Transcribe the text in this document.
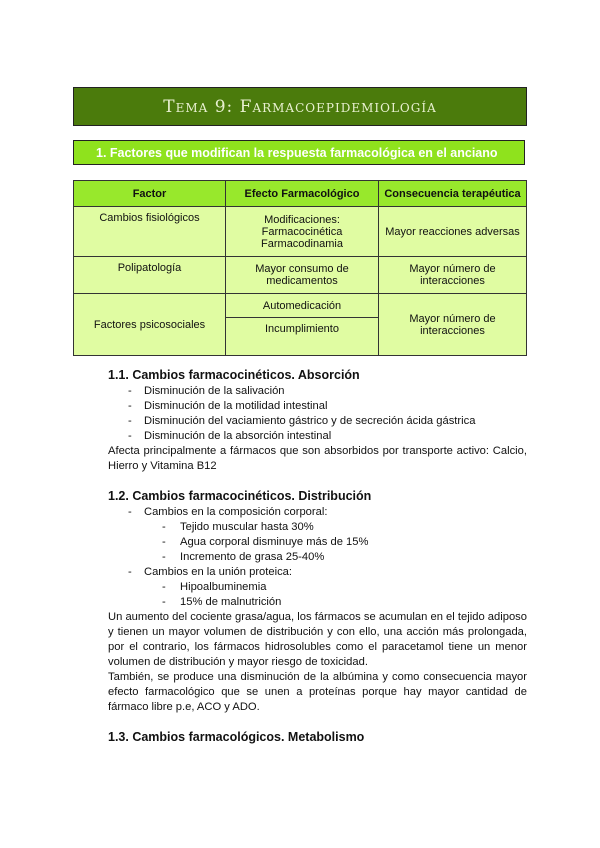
Tema 9: Farmacoepidemiología
1. Factores que modifican la respuesta farmacológica en el anciano
Factor	Efecto Farmacológico	Consecuencia terapéutica
Cambios fisiológicos	Modificaciones:
Farmacocinética
Farmacodinamia	Mayor reacciones adversas
Polipatología	Mayor consumo de medicamentos	Mayor número de interacciones
Factores psicosociales	Automedicación	Mayor número de interacciones
	Incumplimiento	
1.1. Cambios farmacocinéticos. Absorción
- Disminución de la salivación
- Disminución de la motilidad intestinal
- Disminución del vaciamiento gástrico y de secreción ácida gástrica
- Disminución de la absorción intestinal

Afecta principalmente a fármacos que son absorbidos por transporte activo: Calcio, Hierro y Vitamina B12

1.2. Cambios farmacocinéticos. Distribución
- Cambios en la composición corporal:
- Tejido muscular hasta 30%
- Agua corporal disminuye más de 15%
- Incremento de grasa 25-40%
- Cambios en la unión proteica:
- Hipoalbuminemia
- 15% de malnutrición

Un aumento del cociente grasa/agua, los fármacos se acumulan en el tejido adiposo y tienen un mayor volumen de distribución y con ello, una acción más prolongada, por el contrario, los fármacos hidrosolubles como el paracetamol tiene un menor volumen de distribución y mayor riesgo de toxicidad.

También, se produce una disminución de la albúmina y como consecuencia mayor efecto farmacológico que se unen a proteínas porque hay mayor cantidad de fármaco libre p.e, ACO y ADO.

1.3. Cambios farmacológicos. Metabolismo
